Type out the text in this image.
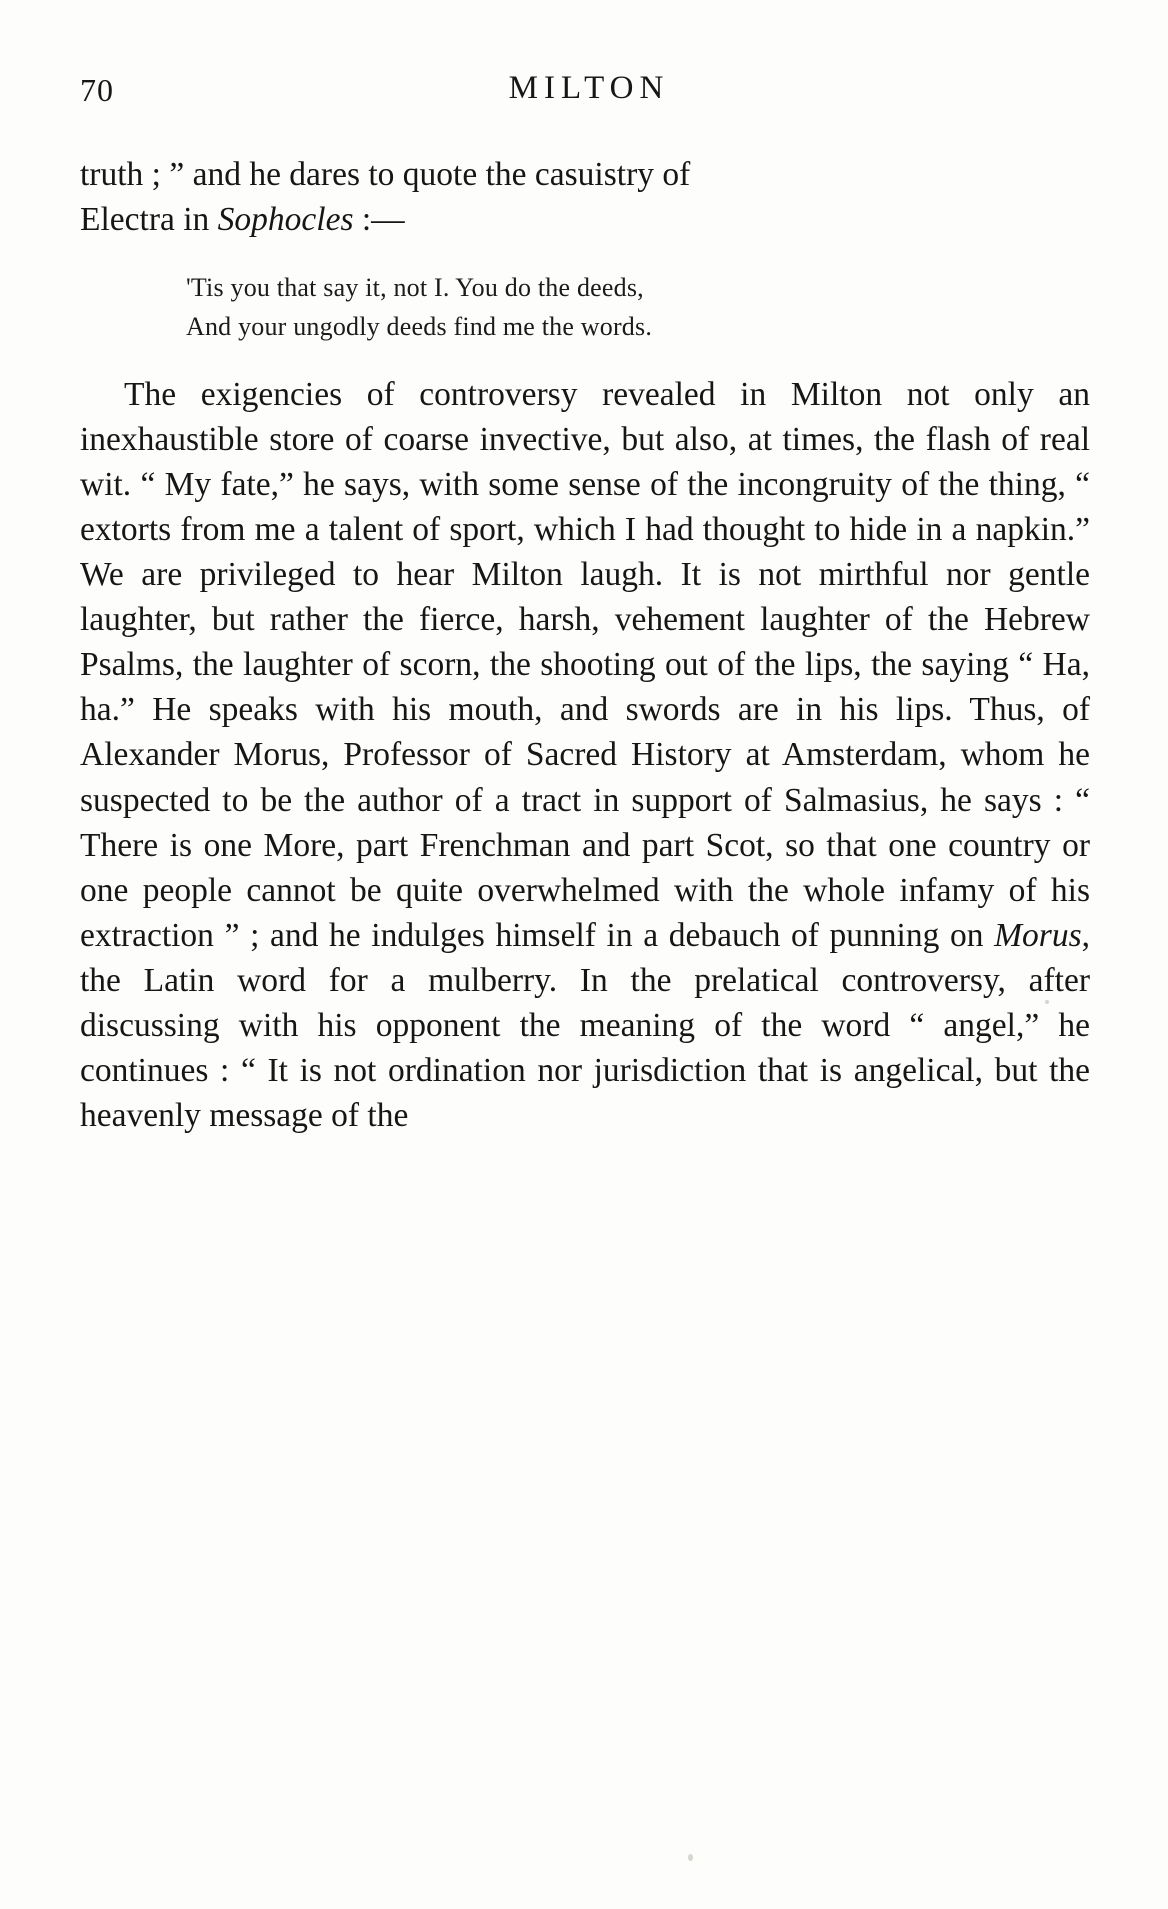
70	MILTON

truth ; ” and he dares to quote the casuistry of
Electra in Sophocles :—

'Tis you that say it, not I. You do the deeds,
And your ungodly deeds find me the words.

The exigencies of controversy revealed in Milton not only an inexhaustible store of coarse invective, but also, at times, the flash of real wit. “ My fate,” he says, with some sense of the incongruity of the thing, “ extorts from me a talent of sport, which I had thought to hide in a napkin.” We are privileged to hear Milton laugh. It is not mirthful nor gentle laughter, but rather the fierce, harsh, vehement laughter of the Hebrew Psalms, the laughter of scorn, the shooting out of the lips, the saying “ Ha, ha.” He speaks with his mouth, and swords are in his lips. Thus, of Alexander Morus, Professor of Sacred History at Amsterdam, whom he suspected to be the author of a tract in support of Salmasius, he says : “ There is one More, part Frenchman and part Scot, so that one country or one people cannot be quite overwhelmed with the whole infamy of his extraction ” ; and he indulges himself in a debauch of punning on Morus, the Latin word for a mulberry. In the prelatical controversy, after discussing with his opponent the meaning of the word “ angel,” he continues : “ It is not ordination nor jurisdiction that is angelical, but the heavenly message of the
